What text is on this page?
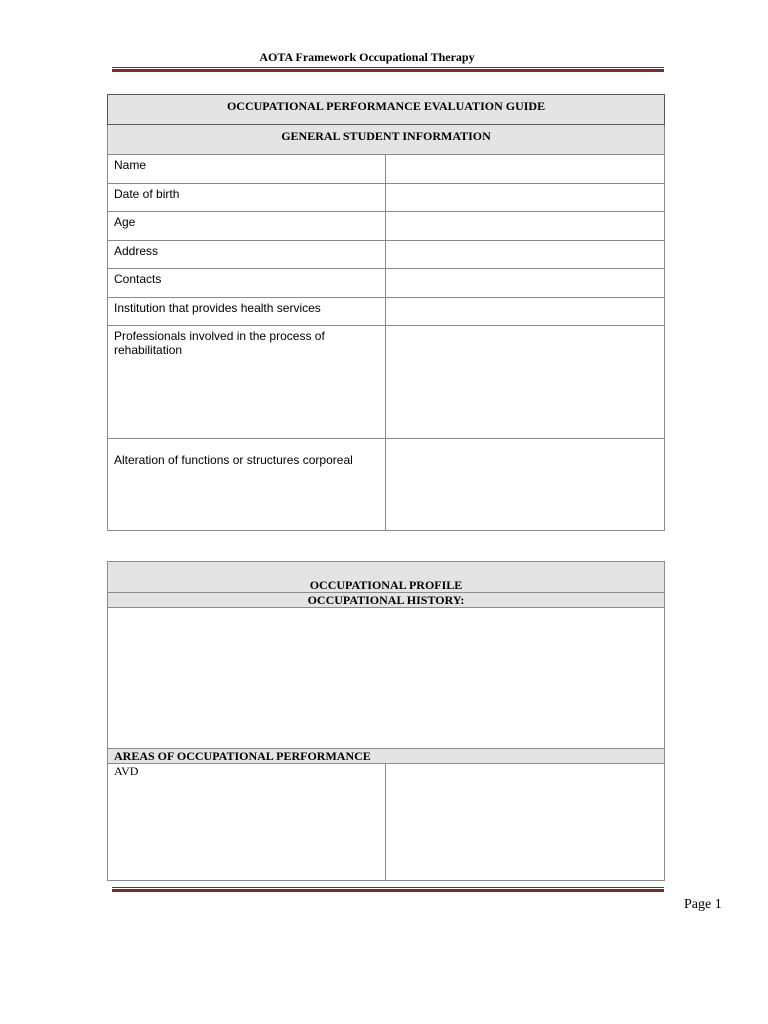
AOTA Framework Occupational Therapy
OCCUPATIONAL PERFORMANCE EVALUATION GUIDE	
GENERAL STUDENT INFORMATION	
Name	
Date of birth	
Age	
Address	
Contacts	
Institution that provides health services	
Professionals involved in the process of rehabilitation	
Alteration of functions or structures corporeal	
OCCUPATIONAL PROFILE
OCCUPATIONAL HISTORY:

AREAS OF OCCUPATIONAL PERFORMANCE
AVD	
Page 1
